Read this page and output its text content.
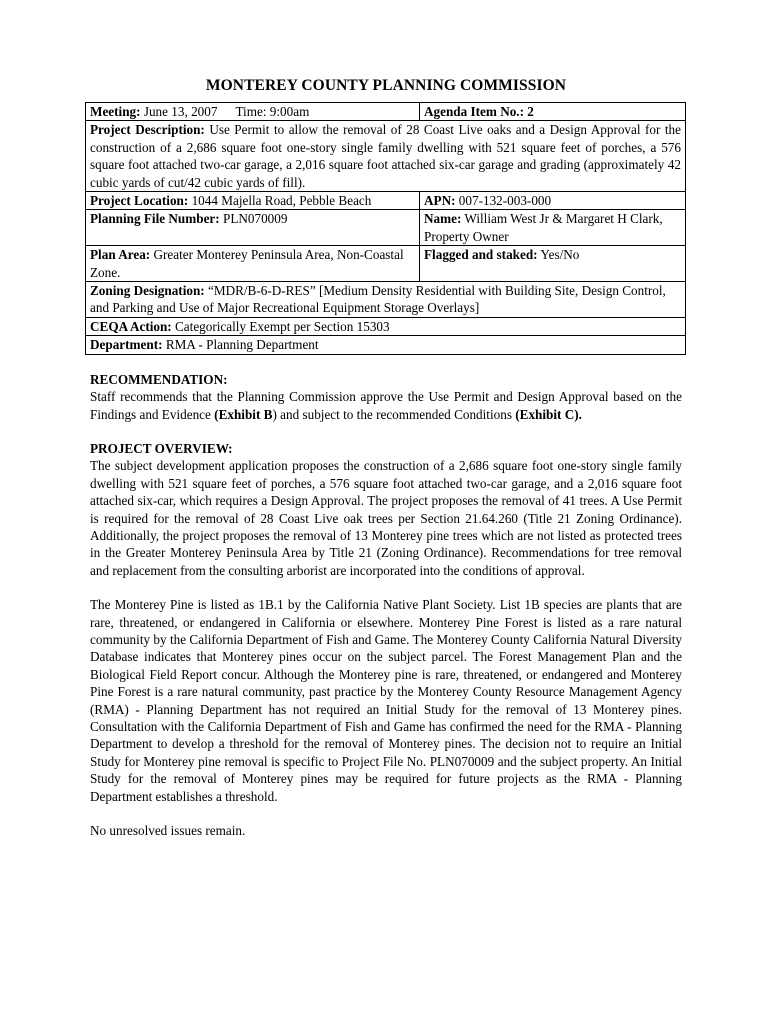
MONTEREY COUNTY PLANNING COMMISSION
Meeting: June 13, 2007 Time: 9:00am	Agenda Item No.: 2
Project Description: Use Permit to allow the removal of 28 Coast Live oaks and a Design Approval for the construction of a 2,686 square foot one-story single family dwelling with 521 square feet of porches, a 576 square foot attached two-car garage, a 2,016 square foot attached six-car garage and grading (approximately 42 cubic yards of cut/42 cubic yards of fill).	
Project Location: 1044 Majella Road, Pebble Beach	APN: 007-132-003-000
Planning File Number: PLN070009	Name: William West Jr & Margaret H Clark, Property Owner
Plan Area: Greater Monterey Peninsula Area, Non-Coastal Zone.	Flagged and staked: Yes/No
Zoning Designation: “MDR/B-6-D-RES” [Medium Density Residential with Building Site, Design Control, and Parking and Use of Major Recreational Equipment Storage Overlays]	
CEQA Action: Categorically Exempt per Section 15303	
Department: RMA - Planning Department	

RECOMMENDATION:

Staff recommends that the Planning Commission approve the Use Permit and Design Approval based on the Findings and Evidence (Exhibit B) and subject to the recommended Conditions (Exhibit C).

PROJECT OVERVIEW:

The subject development application proposes the construction of a 2,686 square foot one-story single family dwelling with 521 square feet of porches, a 576 square foot attached two-car garage, and a 2,016 square foot attached six-car, which requires a Design Approval. The project proposes the removal of 41 trees. A Use Permit is required for the removal of 28 Coast Live oak trees per Section 21.64.260 (Title 21 Zoning Ordinance). Additionally, the project proposes the removal of 13 Monterey pine trees which are not listed as protected trees in the Greater Monterey Peninsula Area by Title 21 (Zoning Ordinance). Recommendations for tree removal and replacement from the consulting arborist are incorporated into the conditions of approval.

The Monterey Pine is listed as 1B.1 by the California Native Plant Society. List 1B species are plants that are rare, threatened, or endangered in California or elsewhere. Monterey Pine Forest is listed as a rare natural community by the California Department of Fish and Game. The Monterey County California Natural Diversity Database indicates that Monterey pines occur on the subject parcel. The Forest Management Plan and the Biological Field Report concur. Although the Monterey pine is rare, threatened, or endangered and Monterey Pine Forest is a rare natural community, past practice by the Monterey County Resource Management Agency (RMA) - Planning Department has not required an Initial Study for the removal of 13 Monterey pines. Consultation with the California Department of Fish and Game has confirmed the need for the RMA - Planning Department to develop a threshold for the removal of Monterey pines. The decision not to require an Initial Study for Monterey pine removal is specific to Project File No. PLN070009 and the subject property. An Initial Study for the removal of Monterey pines may be required for future projects as the RMA - Planning Department establishes a threshold.

No unresolved issues remain.
